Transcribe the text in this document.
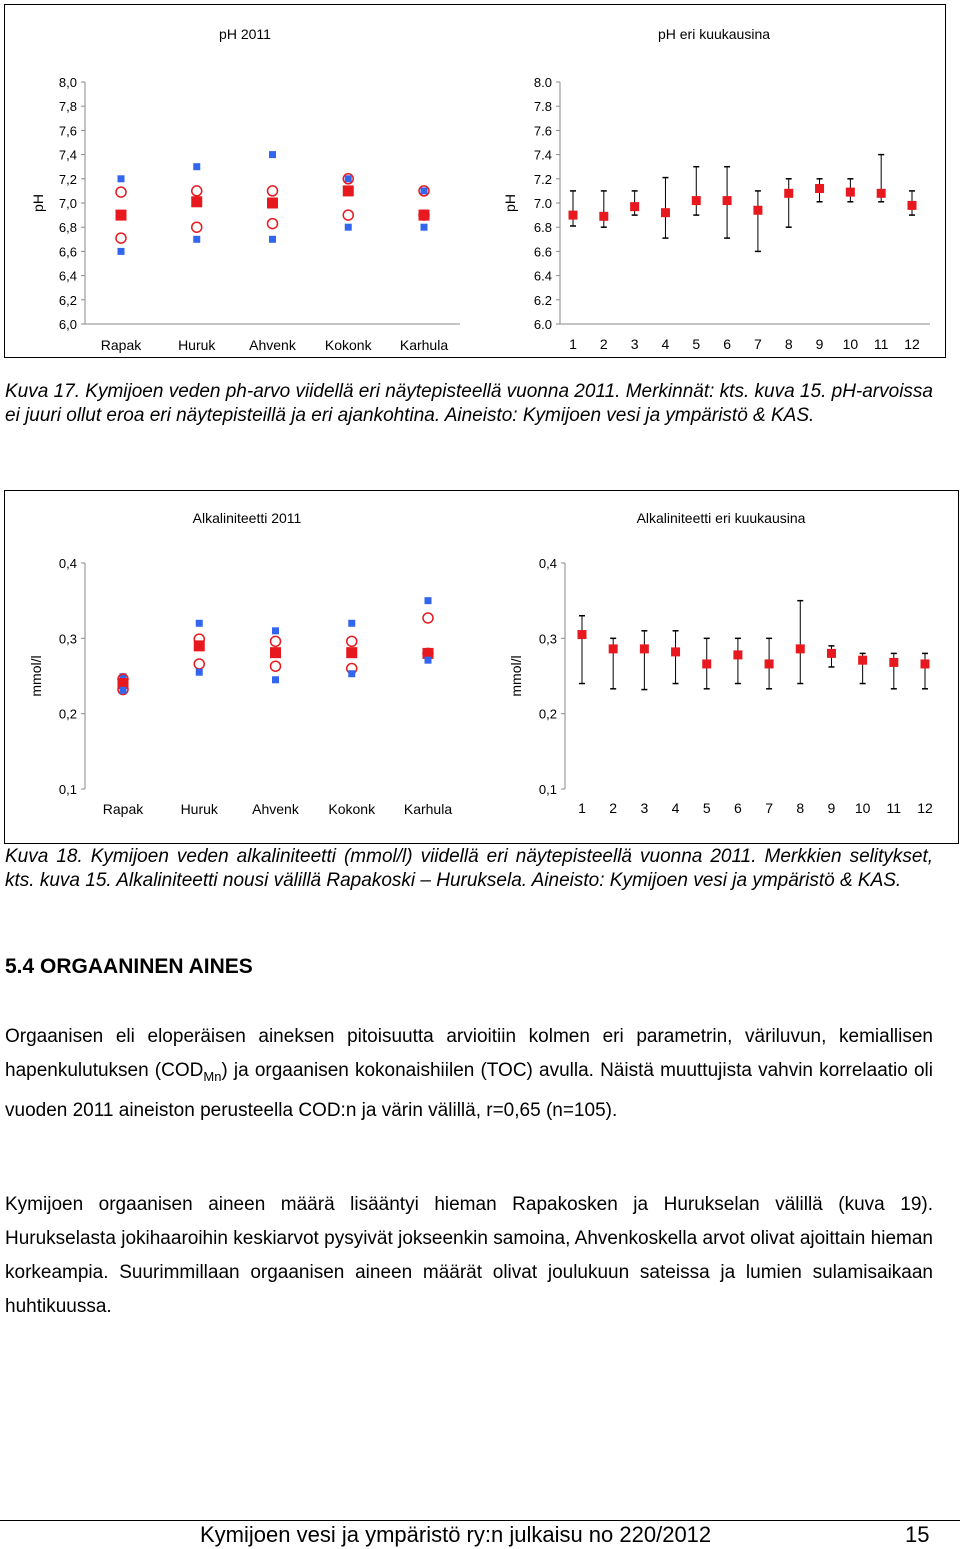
pH 2011
pH
6,0
6,2
6,4
6,6
6,8
7,0
7,2
7,4
7,6
7,8
8,0
Rapak	Huruk Ahvenk Kokonk Karhula
pH eri kuukausina
pH
6.0
6.2
6.4
6.6
6.8
7.0
7.2
7.4
7.6
7.8
8.0
1 2 3 4 5 6 7 8 9 10 11 12
Kuva 17. Kymijoen veden ph-arvo viidellä eri näytepisteellä vuonna 2011. Merkinnät: kts. kuva 15. pH-arvoissa ei juuri ollut eroa eri näytepisteillä ja eri ajankohtina. Aineisto: Kymijoen vesi ja ympäristö & KAS.
Alkaliniteetti 2011
mmol/l
0,1
0,2
0,3
0,4
Rapak	Huruk Ahvenk Kokonk Karhula
Alkaliniteetti eri kuukausina
mmol/l
0,1
0,2
0,3
0,4
1 2 3 4 5 6 7 8 9 10 11 12
Kuva 18. Kymijoen veden alkaliniteetti (mmol/l) viidellä eri näytepisteellä vuonna 2011. Merkkien selitykset, kts. kuva 15. Alkaliniteetti nousi välillä Rapakoski – Huruksela. Aineisto: Kymijoen vesi ja ympäristö & KAS.
5.4 ORGAANINEN AINES
Orgaanisen eli eloperäisen aineksen pitoisuutta arvioitiin kolmen eri parametrin, väriluvun, kemiallisen hapenkulutuksen $(COD_{Mn})$ ja orgaanisen kokonaishiilen (TOC) avulla. Näistä muuttujista vahvin korrelaatio oli vuoden 2011 aineiston perusteella COD:n ja värin välillä, r=0,65 (n=105).
Kymijoen orgaanisen aineen määrä lisääntyi hieman Rapakosken ja Hurukselan välillä (kuva 19). Hurukselasta jokihaaroihin keskiarvot pysyivät jokseenkin samoina, Ahvenkoskella arvot olivat ajoittain hieman korkeampia. Suurimmillaan orgaanisen aineen määrät olivat joulukuun sateissa ja lumien sulamisaikaan huhtikuussa.
Kymijoen vesi ja ympäristö ry:n julkaisu no 220/2012	15
